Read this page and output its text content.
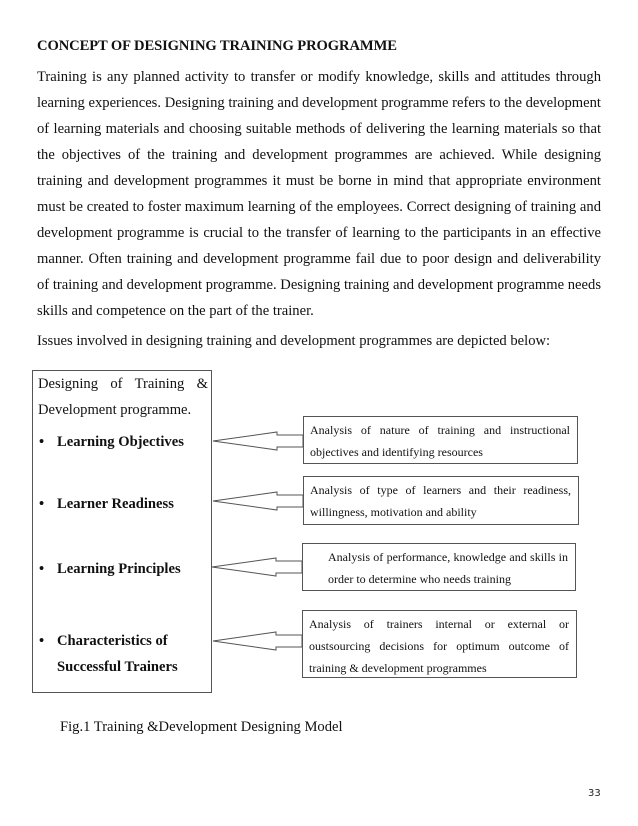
CONCEPT OF DESIGNING TRAINING PROGRAMME
Training is any planned activity to transfer or modify knowledge, skills and attitudes through learning experiences. Designing training and development programme refers to the development of learning materials and choosing suitable methods of delivering the learning materials so that the objectives of the training and development programmes are achieved. While designing training and development programmes it must be borne in mind that appropriate environment must be created to foster maximum learning of the employees. Correct designing of training and development programme is crucial to the transfer of learning to the participants in an effective manner. Often training and development programme fail due to poor design and deliverability of training and development programme. Designing training and development programme needs skills and competence on the part of the trainer.
Issues involved in designing training and development programmes are depicted below:
Designing of Training & Development programme.
• Learning Objectives
• Learner Readiness
• Learning Principles
• Characteristics of
Successful Trainers
Analysis of nature of training and instructional objectives and identifying resources
Analysis of type of learners and their readiness, willingness, motivation and ability
Analysis of performance, knowledge and skills in order to determine who needs training
Analysis of trainers internal or external or oustsourcing decisions for optimum outcome of training & development programmes
Fig.1 Training &Development Designing Model
33
